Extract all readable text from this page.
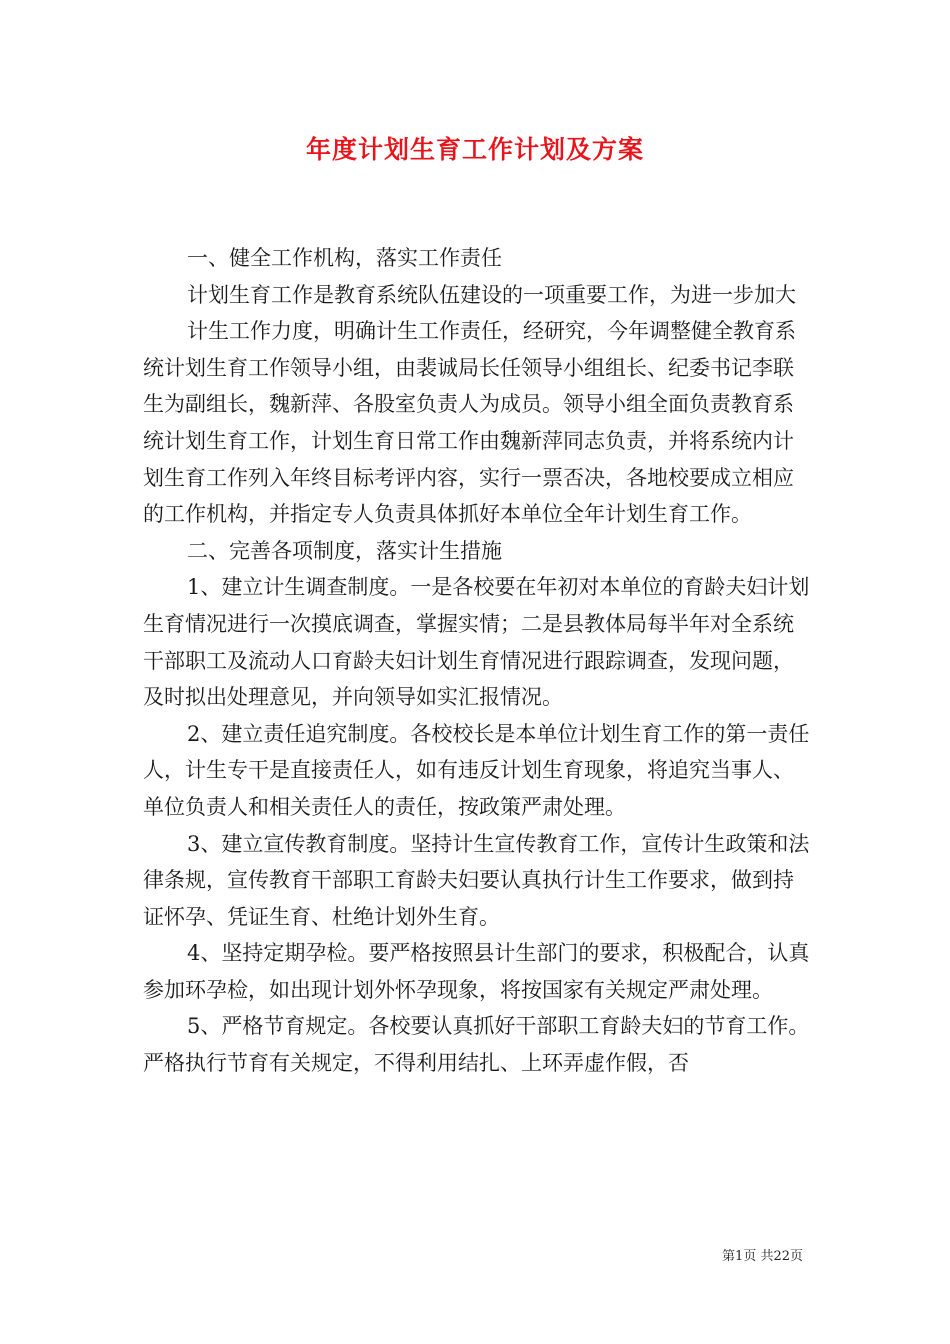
年度计划生育工作计划及方案

一、健全工作机构，落实工作责任

计划生育工作是教育系统队伍建设的一项重要工作，为进一步加大

计生工作力度，明确计生工作责任，经研究，今年调整健全教育系统计划生育工作领导小组，由裴诚局长任领导小组组长、纪委书记李联生为副组长，魏新萍、各股室负责人为成员。领导小组全面负责教育系统计划生育工作，计划生育日常工作由魏新萍同志负责，并将系统内计划生育工作列入年终目标考评内容，实行一票否决，各地校要成立相应的工作机构，并指定专人负责具体抓好本单位全年计划生育工作。

二、完善各项制度，落实计生措施

1、建立计生调查制度。一是各校要在年初对本单位的育龄夫妇计划生育情况进行一次摸底调查，掌握实情；二是县教体局每半年对全系统干部职工及流动人口育龄夫妇计划生育情况进行跟踪调查，发现问题，及时拟出处理意见，并向领导如实汇报情况。

2、建立责任追究制度。各校校长是本单位计划生育工作的第一责任人，计生专干是直接责任人，如有违反计划生育现象，将追究当事人、单位负责人和相关责任人的责任，按政策严肃处理。

3、建立宣传教育制度。坚持计生宣传教育工作，宣传计生政策和法律条规，宣传教育干部职工育龄夫妇要认真执行计生工作要求，做到持证怀孕、凭证生育、杜绝计划外生育。

4、坚持定期孕检。要严格按照县计生部门的要求，积极配合，认真参加环孕检，如出现计划外怀孕现象，将按国家有关规定严肃处理。

5、严格节育规定。各校要认真抓好干部职工育龄夫妇的节育工作。严格执行节育有关规定，不得利用结扎、上环弄虚作假，否

第1页 共22页
